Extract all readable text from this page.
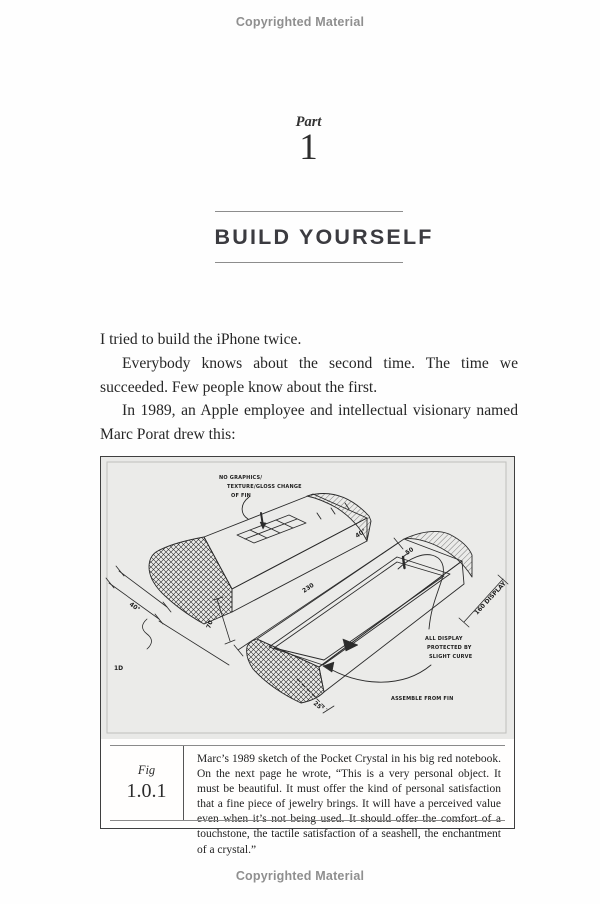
Copyrighted Material
Part
1
BUILD YOURSELF

I tried to build the iPhone twice.

Everybody knows about the second time. The time we succeeded. Few people know about the first.

In 1989, an Apple employee and intellectual visionary named Marc Porat drew this:

NO GRAPHICS/
TEXTURE/GLOSS CHANGE
OF FIN
ALL DISPLAY
PROTECTED BY
SLIGHT CURVE
ASSEMBLE FROM FIN
40°
70
230	160 DISPLAY
25°
40°
50
1D
Fig
1.0.1
Marc’s 1989 sketch of the Pocket Crystal in his big red notebook. On the next page he wrote, “This is a very personal object. It must be beautiful. It must offer the kind of personal satisfaction that a fine piece of jewelry brings. It will have a perceived value even when it’s not being used. It should offer the comfort of a touchstone, the tactile satisfaction of a seashell, the enchantment of a crystal.”
Copyrighted Material
